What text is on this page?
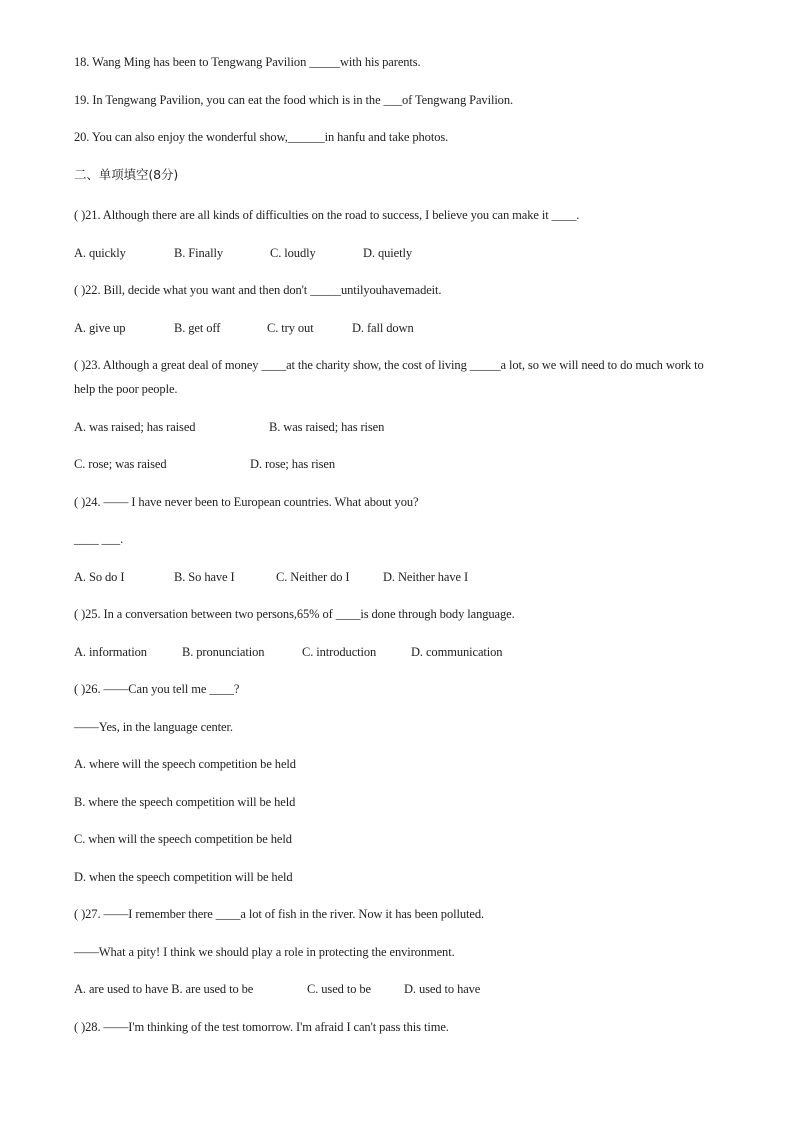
18. Wang Ming has been to Tengwang Pavilion _____with his parents.
19. In Tengwang Pavilion, you can eat the food which is in the ___of Tengwang Pavilion.
20. You can also enjoy the wonderful show,______in hanfu and take photos.
二、单项填空(8分)
( )21. Although there are all kinds of difficulties on the road to success, I believe you can make it ____.
A. quickly	B. Finally	C. loudly	D. quietly
( )22. Bill, decide what you want and then don't _____untilyouhavemadeit.
A. give up	B. get off	C. try out	D. fall down
( )23. Although a great deal of money ____at the charity show, the cost of living _____a lot, so we will need to do much work to help the poor people.
A. was raised; has raised	B. was raised; has risen
C. rose; was raised	D. rose; has risen
( )24. —— I have never been to European countries. What about you?
____ ___.
A. So do I	B. So have I	C. Neither do I	D. Neither have I
( )25. In a conversation between two persons,65% of ____is done through body language.
A. information	B. pronunciation	C. introduction	D. communication
( )26. ——Can you tell me ____?
——Yes, in the language center.
A. where will the speech competition be held
B. where the speech competition will be held
C. when will the speech competition be held
D. when the speech competition will be held
( )27. ——I remember there ____a lot of fish in the river. Now it has been polluted.
——What a pity! I think we should play a role in protecting the environment.
A. are used to have B. are used to be	C. used to be	D. used to have
( )28. ——I'm thinking of the test tomorrow. I'm afraid I can't pass this time.
